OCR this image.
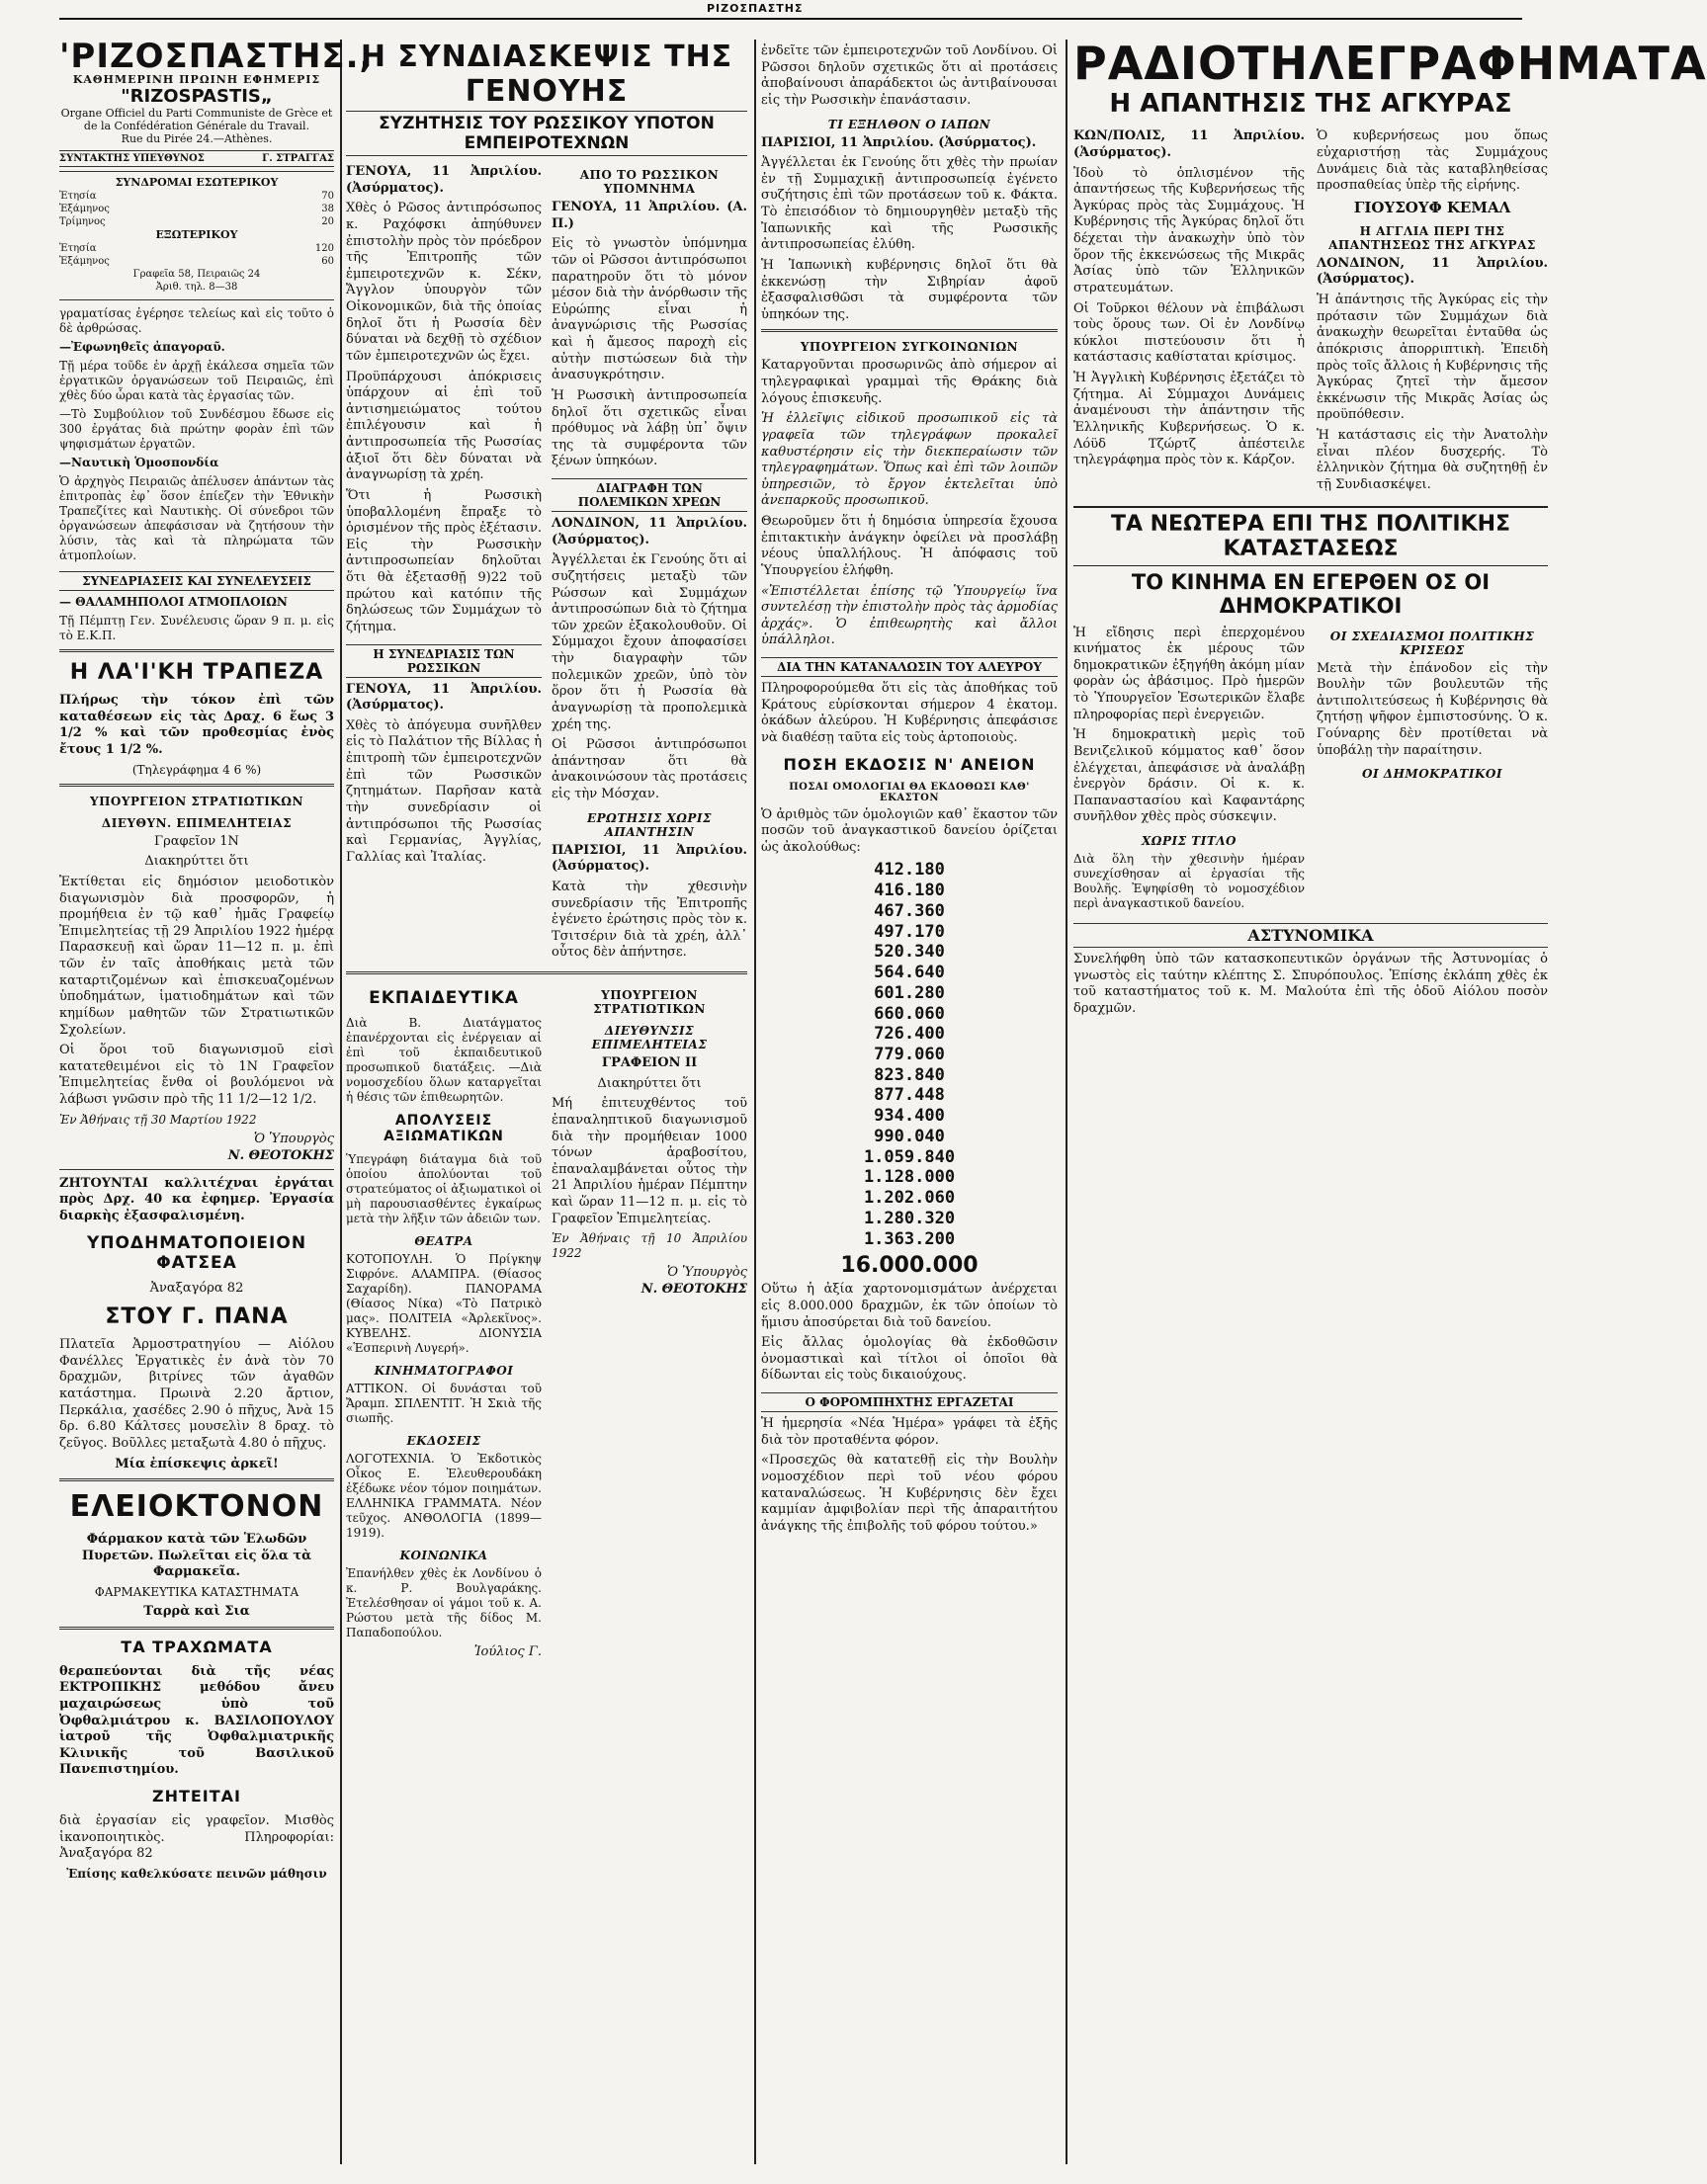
ΡΙΖΟΣΠΑΣΤΗΣ
'ΡΙΖΟΣΠΑΣΤΗΣ.,
ΚΑΘΗΜΕΡΙΝΗ ΠΡΩΙΝΗ ΕΦΗΜΕΡΙΣ
"RIZOSPASTIS„
Organe Officiel du Parti Communiste de Grèce et de la Confédération Générale du Travail.
Rue du Pirée 24.—Athènes.
ΣΥΝΤΑΚΤΗΣ ΥΠΕΥΘΥΝΟΣ	Γ. ΣΤΡΑΓΓΑΣ
ΣΥΝΔΡΟΜΑΙ ΕΣΩΤΕΡΙΚΟΥ
Ἐτησία	70
Ἑξάμηνος	38
Τρίμηνος	20
ΕΞΩΤΕΡΙΚΟΥ
Ἐτησία	120
Ἑξάμηνος	60
Γραφεῖα 58, Πειραιῶς 24
Ἀριθ. τηλ. 8—38
γραματίσας ἐγέρησε τελείως καὶ εἰς τοῦτο ὁ δὲ ἀρθρώσας.
—Ἐφωνηθεῖς ἀπαγοραῦ.
Τῇ μέρα τοῦδε ἐν ἀρχῇ ἐκάλεσα σημεῖα τῶν ἐργατικῶν ὀργανώσεων τοῦ Πειραιῶς, ἐπὶ χθὲς δύο ὧραι κατὰ τὰς ἐργασίας τῶν.
—Τὸ Συμβούλιον τοῦ Συνδέσμου ἔδωσε εἰς 300 ἐργάτας διὰ πρώτην φορὰν ἐπὶ τῶν ψηφισμάτων ἐργατῶν.
—Ναυτικὴ Ὁμοσπονδία
Ὁ ἀρχηγὸς Πειραιῶς ἀπέλυσεν ἁπάντων τὰς ἐπιτροπὰς ἐφ᾽ ὅσον ἐπίεζεν τὴν Ἐθνικὴν Τραπεζίτες καὶ Ναυτικὴς. Οἱ σύνεδροι τῶν ὀργανώσεων ἀπεφάσισαν νὰ ζητήσουν τὴν λύσιν, τὰς καὶ τὰ πληρώματα τῶν ἀτμοπλοίων.
ΣΥΝΕΔΡΙΑΣΕΙΣ ΚΑΙ ΣΥΝΕΛΕΥΣΕΙΣ
— ΘΑΛΑΜΗΠΟΛΟΙ ΑΤΜΟΠΛΟΙΩΝ
Τῇ Πέμπτῃ Γεν. Συνέλευσις ὥραν 9 π. μ. εἰς τὸ Ε.Κ.Π.
Η ΛΑ'Ι'ΚΗ ΤΡΑΠΕΖΑ
Πλήρως τὴν τόκον ἐπὶ τῶν καταθέσεων εἰς τὰς Δραχ. 6 ἕως 3 1/2 % καὶ τῶν προθεσμίας ἐνὸς ἔτους 1 1/2 %.
(Τηλεγράφημα 4 6 %)
ΥΠΟΥΡΓΕΙΟΝ ΣΤΡΑΤΙΩΤΙΚΩΝ
ΔΙΕΥΘΥΝ. ΕΠΙΜΕΛΗΤΕΙΑΣ
Γραφεῖον 1Ν
Διακηρύττει ὅτι
Ἐκτίθεται εἰς δημόσιον μειοδοτικὸν διαγωνισμὸν διὰ προσφορῶν, ἡ προμήθεια ἐν τῷ καθ᾽ ἡμᾶς Γραφείῳ Ἐπιμελητείας τῇ 29 Ἀπριλίου 1922 ἡμέρᾳ Παρασκευῇ καὶ ὥραν 11—12 π. μ. ἐπὶ τῶν ἐν ταῖς ἀποθήκαις μετὰ τῶν καταρτιζομένων καὶ ἐπισκευαζομένων ὑποδημάτων, ἱματιοδημάτων καὶ τῶν κημίδων μαθητῶν τῶν Στρατιωτικῶν Σχολείων.
Οἱ ὅροι τοῦ διαγωνισμοῦ εἰσὶ κατατεθειμένοι εἰς τὸ 1Ν Γραφεῖον Ἐπιμελητείας ἔνθα οἱ βουλόμενοι νὰ λάβωσι γνῶσιν πρὸ τῆς 11 1/2—12 1/2.
Ἐν Ἀθήναις τῇ 30 Μαρτίου 1922
Ὁ Ὑπουργὸς
Ν. ΘΕΟΤΟΚΗΣ
ΖΗΤΟΥΝΤΑΙ καλλιτέχναι ἐργάται πρὸς Δρχ. 40 κα ἐφημερ. Ἐργασία διαρκὴς ἐξασφαλισμένη.
ΥΠΟΔΗΜΑΤΟΠΟΙΕΙΟΝ ΦΑΤΣΕΑ
Ἀναξαγόρα 82
ΣΤΟΥ Γ. ΠΑΝΑ
Πλατεῖα Ἀρμοστρατηγίου — Αἰόλου Φανέλλες Ἐργατικὲς ἐν ἀνὰ τὸν 70 δραχμῶν, βιτρίνες τῶν ἀγαθῶν κατάστημα. Πρωινὰ 2.20 ἄρτιον, Περκάλια, χασέδες 2.90 ὁ πῆχυς, Ἀνὰ 15 δρ. 6.80 Κάλτσες μουσελὶν 8 δραχ. τὸ ζεῦγος. Βοῦλλες μεταξωτὰ 4.80 ὁ πῆχυς.
Μία ἐπίσκεψις ἀρκεῖ!
ΕΛΕΙΟΚΤΟΝΟΝ
Φάρμακον κατὰ τῶν Ἑλωδῶν Πυρετῶν. Πωλεῖται εἰς ὅλα τὰ Φαρμακεῖα.
ΦΑΡΜΑΚΕΥΤΙΚΑ ΚΑΤΑΣΤΗΜΑΤΑ
Ταρρὰ καὶ Σια
ΤΑ ΤΡΑΧΩΜΑΤΑ
θεραπεύονται διὰ τῆς νέας ΕΚΤΡΟΠΙΚΗΣ μεθόδου ἄνευ μαχαιρώσεως ὑπὸ τοῦ Ὀφθαλμιάτρου κ. ΒΑΣΙΛΟΠΟΥΛΟΥ ἰατροῦ τῆς Ὀφθαλμιατρικῆς Κλινικῆς τοῦ Βασιλικοῦ Πανεπιστημίου.
ΖΗΤΕΙΤΑΙ
διὰ ἐργασίαν εἰς γραφεῖον. Μισθὸς ἱκανοποιητικὸς. Πληροφορίαι: Ἀναξαγόρα 82
Ἐπίσης καθελκύσατε πεινῶν μάθησιν
Η ΣΥΝΔΙΑΣΚΕΨΙΣ ΤΗΣ ΓΕΝΟΥΗΣ
ΣΥΖΗΤΗΣΙΣ ΤΟΥ ΡΩΣΣΙΚΟΥ ΥΠΟΤΟΝ ΕΜΠΕΙΡΟΤΕΧΝΩΝ
ΓΕΝΟΥΑ, 11 Ἀπριλίου. (Ἀσύρματος).
Χθὲς ὁ Ρῶσος ἀντιπρόσωπος κ. Ραχόφσκι ἀπηύθυνεν ἐπιστολὴν πρὸς τὸν πρόεδρον τῆς Ἐπιτροπῆς τῶν ἐμπειροτεχνῶν κ. Σέκν, Ἄγγλον ὑπουργὸν τῶν Οἰκονομικῶν, διὰ τῆς ὁποίας δηλοῖ ὅτι ἡ Ρωσσία δὲν δύναται νὰ δεχθῇ τὸ σχέδιον τῶν ἐμπειροτεχνῶν ὡς ἔχει.
Προϋπάρχουσι ἀπόκρισεις ὑπάρχουν αἱ ἐπὶ τοῦ ἀντισημειώματος τούτου ἐπιλέγουσιν καὶ ἡ ἀντιπροσωπεία τῆς Ρωσσίας ἀξιοῖ ὅτι δὲν δύναται νὰ ἀναγνωρίσῃ τὰ χρέη.
Ὅτι ἡ Ρωσσικὴ ὑποβαλλομένη ἔπραξε τὸ ὁρισμένον τῆς πρὸς ἐξέτασιν. Εἰς τὴν Ρωσσικὴν ἀντιπροσωπείαν δηλοῦται ὅτι θὰ ἐξετασθῇ 9)22 τοῦ πρώτου καὶ κατόπιν τῆς δηλώσεως τῶν Συμμάχων τὸ ζήτημα.
Η ΣΥΝΕΔΡΙΑΣΙΣ ΤΩΝ ΡΩΣΣΙΚΩΝ
ΓΕΝΟΥΑ, 11 Ἀπριλίου. (Ἀσύρματος).
Χθὲς τὸ ἀπόγευμα συνῆλθεν εἰς τὸ Παλάτιον τῆς Βίλλας ἡ ἐπιτροπὴ τῶν ἐμπειροτεχνῶν ἐπὶ τῶν Ρωσσικῶν ζητημάτων. Παρῆσαν κατὰ τὴν συνεδρίασιν οἱ ἀντιπρόσωποι τῆς Ρωσσίας καὶ Γερμανίας, Ἀγγλίας, Γαλλίας καὶ Ἰταλίας.
ΑΠΟ ΤΟ ΡΩΣΣΙΚΟΝ ΥΠΟΜΝΗΜΑ
ΓΕΝΟΥΑ, 11 Ἀπριλίου. (Α. Π.)
Εἰς τὸ γνωστὸν ὑπόμνημα τῶν οἱ Ρῶσσοι ἀντιπρόσωποι παρατηροῦν ὅτι τὸ μόνον μέσον διὰ τὴν ἀνόρθωσιν τῆς Εὐρώπης εἶναι ἡ ἀναγνώρισις τῆς Ρωσσίας καὶ ἡ ἄμεσος παροχὴ εἰς αὐτὴν πιστώσεων διὰ τὴν ἀνασυγκρότησιν.
Ἡ Ρωσσικὴ ἀντιπροσωπεία δηλοῖ ὅτι σχετικῶς εἶναι πρόθυμος νὰ λάβῃ ὑπ᾽ ὄψιν της τὰ συμφέροντα τῶν ξένων ὑπηκόων.
ΔΙΑΓΡΑΦΗ ΤΩΝ ΠΟΛΕΜΙΚΩΝ ΧΡΕΩΝ
ΛΟΝΔΙΝΟΝ, 11 Ἀπριλίου. (Ἀσύρματος).
Ἀγγέλλεται ἐκ Γενούης ὅτι αἱ συζητήσεις μεταξὺ τῶν Ρώσσων καὶ Συμμάχων ἀντιπροσώπων διὰ τὸ ζήτημα τῶν χρεῶν ἐξακολουθοῦν. Οἱ Σύμμαχοι ἔχουν ἀποφασίσει τὴν διαγραφὴν τῶν πολεμικῶν χρεῶν, ὑπὸ τὸν ὅρον ὅτι ἡ Ρωσσία θὰ ἀναγνωρίσῃ τὰ προπολεμικὰ χρέη της.
Οἱ Ρῶσσοι ἀντιπρόσωποι ἀπάντησαν ὅτι θὰ ἀνακοινώσουν τὰς προτάσεις εἰς τὴν Μόσχαν.
ΕΡΩΤΗΣΙΣ ΧΩΡΙΣ ΑΠΑΝΤΗΣΙΝ
ΠΑΡΙΣΙΟΙ, 11 Ἀπριλίου. (Ἀσύρματος).
Κατὰ τὴν χθεσινὴν συνεδρίασιν τῆς Ἐπιτροπῆς ἐγένετο ἐρώτησις πρὸς τὸν κ. Τσιτσέριν διὰ τὰ χρέη, ἀλλ᾽ οὗτος δὲν ἀπήντησε.
ΕΚΠΑΙΔΕΥΤΙΚΑ
Διὰ Β. Διατάγματος ἐπανέρχονται εἰς ἐνέργειαν αἱ ἐπὶ τοῦ ἐκπαιδευτικοῦ προσωπικοῦ διατάξεις. —Διὰ νομοσχεδίου ὅλων καταργεῖται ἡ θέσις τῶν ἐπιθεωρητῶν.
ΑΠΟΛΥΣΕΙΣ ΑΞΙΩΜΑΤΙΚΩΝ
Ὑπεγράφη διάταγμα διὰ τοῦ ὁποίου ἀπολύονται τοῦ στρατεύματος οἱ ἀξιωματικοὶ οἱ μὴ παρουσιασθέντες ἐγκαίρως μετὰ τὴν λῆξιν τῶν ἀδειῶν των.
ΘΕΑΤΡΑ
ΚΟΤΟΠΟΥΛΗ. Ὁ Πρίγκηψ Σιφρόνε. ΑΛΑΜΠΡΑ. (Θίασος Σαχαρίδη). ΠΑΝΟΡΑΜΑ (Θίασος Νίκα) «Τὸ Πατρικὸ μας». ΠΟΛΙΤΕΙΑ «Ἀρλεκῖνος». ΚΥΒΕΛΗΣ. ΔΙΟΝΥΣΙΑ «Ἑσπερινὴ Λυγερή».
ΚΙΝΗΜΑΤΟΓΡΑΦΟΙ
ΑΤΤΙΚΟΝ. Οἱ δυνάσται τοῦ Ἄραμπ. ΣΠΛΕΝΤΙΤ. Ἡ Σκιὰ τῆς σιωπῆς.
ΕΚΔΟΣΕΙΣ
ΛΟΓΟΤΕΧΝΙΑ. Ὁ Ἐκδοτικὸς Οἶκος Ε. Ἐλευθερουδάκη ἐξέδωκε νέον τόμον ποιημάτων. ΕΛΛΗΝΙΚΑ ΓΡΑΜΜΑΤΑ. Νέον τεῦχος. ΑΝΘΟΛΟΓΙΑ (1899—1919).
ΚΟΙΝΩΝΙΚΑ
Ἐπανήλθεν χθὲς ἐκ Λονδίνου ὁ κ. Ρ. Βουλγαράκης. Ἐτελέσθησαν οἱ γάμοι τοῦ κ. Α. Ρώστου μετὰ τῆς δίδος Μ. Παπαδοπούλου.
Ἰούλιος Γ.
ΥΠΟΥΡΓΕΙΟΝ ΣΤΡΑΤΙΩΤΙΚΩΝ
ΔΙΕΥΘΥΝΣΙΣ ΕΠΙΜΕΛΗΤΕΙΑΣ
ΓΡΑΦΕΙΟΝ ΙΙ
Διακηρύττει ὅτι
Μή ἐπιτευχθέντος τοῦ ἐπαναληπτικοῦ διαγωνισμοῦ διὰ τὴν προμήθειαν 1000 τόνων ἀραβοσίτου, ἐπαναλαμβάνεται οὗτος τὴν 21 Ἀπριλίου ἡμέραν Πέμπτην καὶ ὥραν 11—12 π. μ. εἰς τὸ Γραφεῖον Ἐπιμελητείας.
Ἐν Ἀθήναις τῇ 10 Ἀπριλίου 1922
Ὁ Ὑπουργὸς
Ν. ΘΕΟΤΟΚΗΣ
ἐνδεῖτε τῶν ἐμπειροτεχνῶν τοῦ Λονδίνου. Οἱ Ρῶσσοι δηλοῦν σχετικῶς ὅτι αἱ προτάσεις ἀποβαίνουσι ἀπαράδεκτοι ὡς ἀντιβαίνουσαι εἰς τὴν Ρωσσικὴν ἐπανάστασιν.
ΤΙ ΕΞΗΛΘΟΝ Ο ΙΑΠΩΝ
ΠΑΡΙΣΙΟΙ, 11 Ἀπριλίου. (Ἀσύρματος).
Ἀγγέλλεται ἐκ Γενούης ὅτι χθὲς τὴν πρωίαν ἐν τῇ Συμμαχικῇ ἀντιπροσωπείᾳ ἐγένετο συζήτησις ἐπὶ τῶν προτάσεων τοῦ κ. Φάκτα. Τὸ ἐπεισόδιον τὸ δημιουργηθὲν μεταξὺ τῆς Ἰαπωνικῆς καὶ τῆς Ρωσσικῆς ἀντιπροσωπείας ἐλύθη.
Ἡ Ἰαπωνικὴ κυβέρνησις δηλοῖ ὅτι θὰ ἐκκενώσῃ τὴν Σιβηρίαν ἀφοῦ ἐξασφαλισθῶσι τὰ συμφέροντα τῶν ὑπηκόων της.
ΥΠΟΥΡΓΕΙΟΝ ΣΥΓΚΟΙΝΩΝΙΩΝ
Καταργοῦνται προσωρινῶς ἀπὸ σήμερον αἱ τηλεγραφικαὶ γραμμαὶ τῆς Θράκης διὰ λόγους ἐπισκευῆς.
Ἡ ἐλλεῖψις εἰδικοῦ προσωπικοῦ εἰς τὰ γραφεῖα τῶν τηλεγράφων προκαλεῖ καθυστέρησιν εἰς τὴν διεκπεραίωσιν τῶν τηλεγραφημάτων. Ὅπως καὶ ἐπὶ τῶν λοιπῶν ὑπηρεσιῶν, τὸ ἔργον ἐκτελεῖται ὑπὸ ἀνεπαρκοῦς προσωπικοῦ.
Θεωροῦμεν ὅτι ἡ δημόσια ὑπηρεσία ἔχουσα ἐπιτακτικὴν ἀνάγκην ὀφείλει νὰ προσλάβῃ νέους ὑπαλλήλους. Ἡ ἀπόφασις τοῦ Ὑπουργείου ἐλήφθη.
«Ἐπιστέλλεται ἐπίσης τῷ Ὑπουργείῳ ἵνα συντελέσῃ τὴν ἐπιστολὴν πρὸς τὰς ἀρμοδίας ἀρχάς». Ὁ ἐπιθεωρητὴς καὶ ἄλλοι ὑπάλληλοι.
ΔΙΑ ΤΗΝ ΚΑΤΑΝΑΛΩΣΙΝ ΤΟΥ ΑΛΕΥΡΟΥ
Πληροφορούμεθα ὅτι εἰς τὰς ἀποθήκας τοῦ Κράτους εὑρίσκονται σήμερον 4 ἑκατομ. ὀκάδων ἀλεύρου. Ἡ Κυβέρνησις ἀπεφάσισε νὰ διαθέσῃ ταῦτα εἰς τοὺς ἀρτοποιοὺς.
ΠΟΣΗ ΕΚΔΟΣΙΣ Ν' ΑΝΕΙΟΝ
ΠΟΣΑΙ ΟΜΟΛΟΓΙΑΙ ΘΑ ΕΚΔΟΘΩΣΙ ΚΑΘ' ΕΚΑΣΤΟΝ
Ὁ ἀριθμὸς τῶν ὁμολογιῶν καθ᾽ ἕκαστον τῶν ποσῶν τοῦ ἀναγκαστικοῦ δανείου ὀρίζεται ὡς ἀκολούθως:
412.180
416.180
467.360
497.170
520.340
564.640
601.280
660.060
726.400
779.060
823.840
877.448
934.400
990.040
1.059.840
1.128.000
1.202.060
1.280.320
1.363.200
16.000.000
Οὕτω ἡ ἀξία χαρτονομισμάτων ἀνέρχεται εἰς 8.000.000 δραχμῶν, ἐκ τῶν ὁποίων τὸ ἥμισυ ἀποσύρεται διὰ τοῦ δανείου.
Εἰς ἄλλας ὁμολογίας θὰ ἐκδοθῶσιν ὀνομαστικαὶ καὶ τίτλοι οἱ ὁποῖοι θὰ δίδωνται εἰς τοὺς δικαιούχους.
Ο ΦΟΡΟΜΠΗΧΤΗΣ ΕΡΓΑΖΕΤΑΙ
Ἡ ἡμερησία «Νέα Ἡμέρα» γράφει τὰ ἑξῆς διὰ τὸν προταθέντα φόρον.
«Προσεχῶς θὰ κατατεθῇ εἰς τὴν Βουλὴν νομοσχέδιον περὶ τοῦ νέου φόρου καταναλώσεως. Ἡ Κυβέρνησις δὲν ἔχει καμμίαν ἀμφιβολίαν περὶ τῆς ἀπαραιτήτου ἀνάγκης τῆς ἐπιβολῆς τοῦ φόρου τούτου.»
ΡΑΔΙΟΤΗΛΕΓΡΑΦΗΜΑΤΑ
Η ΑΠΑΝΤΗΣΙΣ ΤΗΣ ΑΓΚΥΡΑΣ
ΚΩΝ/ΠΟΛΙΣ, 11 Ἀπριλίου. (Ἀσύρματος).
Ἰδοὺ τὸ ὁπλισμένον τῆς ἀπαντήσεως τῆς Κυβερνήσεως τῆς Ἀγκύρας πρὸς τὰς Συμμάχους. Ἡ Κυβέρνησις τῆς Ἀγκύρας δηλοῖ ὅτι δέχεται τὴν ἀνακωχὴν ὑπὸ τὸν ὅρον τῆς ἐκκενώσεως τῆς Μικρᾶς Ἀσίας ὑπὸ τῶν Ἑλληνικῶν στρατευμάτων.
Οἱ Τοῦρκοι θέλουν νὰ ἐπιβάλωσι τοὺς ὅρους των. Οἱ ἐν Λονδίνῳ κύκλοι πιστεύουσιν ὅτι ἡ κατάστασις καθίσταται κρίσιμος.
Ἡ Ἀγγλικὴ Κυβέρνησις ἐξετάζει τὸ ζήτημα. Αἱ Σύμμαχοι Δυνάμεις ἀναμένουσι τὴν ἀπάντησιν τῆς Ἑλληνικῆς Κυβερνήσεως. Ὁ κ. Λόϋδ Τζώρτζ ἀπέστειλε τηλεγράφημα πρὸς τὸν κ. Κάρζον.
Ὁ κυβερνήσεως μου ὅπως εὐχαριστήσῃ τὰς Συμμάχους Δυνάμεις διὰ τὰς καταβληθείσας προσπαθείας ὑπὲρ τῆς εἰρήνης.
ΓΙΟΥΣΟΥΦ ΚΕΜΑΛ
Η ΑΓΓΛΙΑ ΠΕΡΙ ΤΗΣ ΑΠΑΝΤΗΣΕΩΣ ΤΗΣ ΑΓΚΥΡΑΣ
ΛΟΝΔΙΝΟΝ, 11 Ἀπριλίου. (Ἀσύρματος).
Ἡ ἀπάντησις τῆς Ἀγκύρας εἰς τὴν πρότασιν τῶν Συμμάχων διὰ ἀνακωχὴν θεωρεῖται ἐνταῦθα ὡς ἀπόκρισις ἀπορριπτικὴ. Ἐπειδὴ πρὸς τοῖς ἄλλοις ἡ Κυβέρνησις τῆς Ἀγκύρας ζητεῖ τὴν ἄμεσον ἐκκένωσιν τῆς Μικρᾶς Ἀσίας ὡς προϋπόθεσιν.
Ἡ κατάστασις εἰς τὴν Ἀνατολὴν εἶναι πλέον δυσχερής. Τὸ ἑλληνικὸν ζήτημα θὰ συζητηθῇ ἐν τῇ Συνδιασκέψει.
ΤΑ ΝΕΩΤΕΡΑ ΕΠΙ ΤΗΣ ΠΟΛΙΤΙΚΗΣ ΚΑΤΑΣΤΑΣΕΩΣ
ΤΟ ΚΙΝΗΜΑ ΕΝ ΕΓΕΡΘΕΝ ΟΣ ΟΙ ΔΗΜΟΚΡΑΤΙΚΟΙ
Ἡ εἴδησις περὶ ἐπερχομένου κινήματος ἐκ μέρους τῶν δημοκρατικῶν ἐξηγήθη ἀκόμη μίαν φορὰν ὡς ἀβάσιμος. Πρὸ ἡμερῶν τὸ Ὑπουργεῖον Ἐσωτερικῶν ἔλαβε πληροφορίας περὶ ἐνεργειῶν.
Ἡ δημοκρατικὴ μερὶς τοῦ Βενιζελικοῦ κόμματος καθ᾽ ὅσον ἐλέγχεται, ἀπεφάσισε νὰ ἀναλάβῃ ἐνεργὸν δράσιν. Οἱ κ. κ. Παπαναστασίου καὶ Καφαντάρης συνῆλθον χθὲς πρὸς σύσκεψιν.
ΧΩΡΙΣ ΤΙΤΛΟ
Διὰ ὅλη τὴν χθεσινὴν ἡμέραν συνεχίσθησαν αἱ ἐργασίαι τῆς Βουλῆς. Ἐψηφίσθη τὸ νομοσχέδιον περὶ ἀναγκαστικοῦ δανείου.
ΟΙ ΣΧΕΔΙΑΣΜΟΙ ΠΟΛΙΤΙΚΗΣ ΚΡΙΣΕΩΣ
Μετὰ τὴν ἐπάνοδον εἰς τὴν Βουλὴν τῶν βουλευτῶν τῆς ἀντιπολιτεύσεως ἡ Κυβέρνησις θὰ ζητήσῃ ψῆφον ἐμπιστοσύνης. Ὁ κ. Γούναρης δὲν προτίθεται νὰ ὑποβάλῃ τὴν παραίτησιν.
ΟΙ ΔΗΜΟΚΡΑΤΙΚΟΙ
ΑΣΤΥΝΟΜΙΚΑ
Συνελήφθη ὑπὸ τῶν κατασκοπευτικῶν ὀργάνων τῆς Ἀστυνομίας ὁ γνωστὸς εἰς ταύτην κλέπτης Σ. Σπυρόπουλος. Ἐπίσης ἐκλάπη χθὲς ἐκ τοῦ καταστήματος τοῦ κ. Μ. Μαλούτα ἐπὶ τῆς ὁδοῦ Αἰόλου ποσὸν δραχμῶν.
